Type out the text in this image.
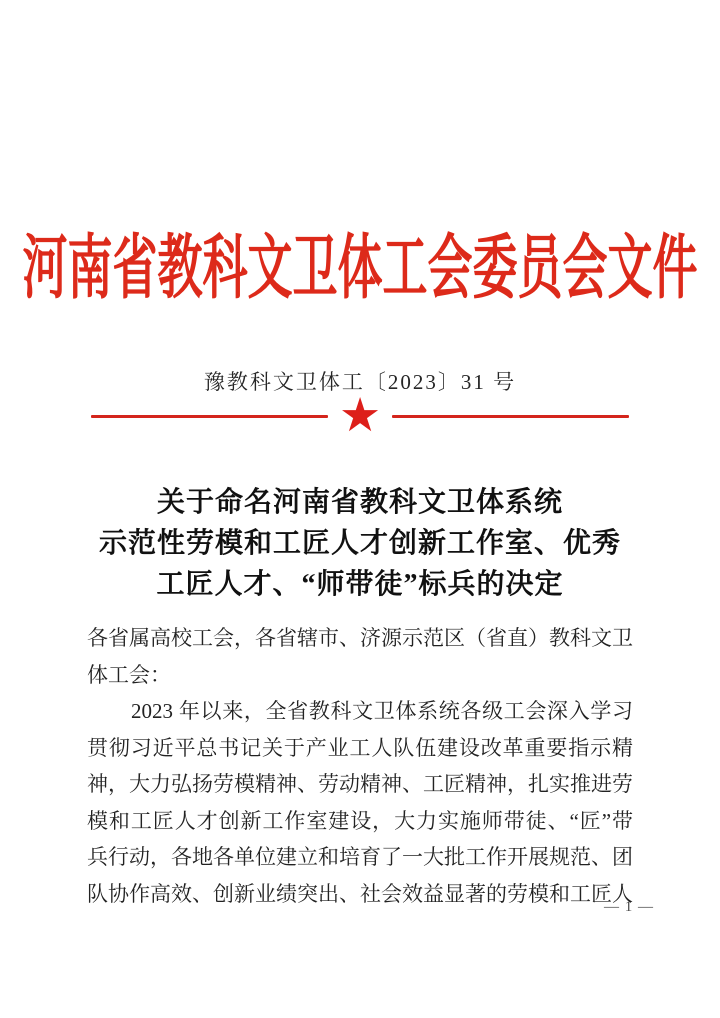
河南省教科文卫体工会委员会文件
豫教科文卫体工〔2023〕31 号
★
关于命名河南省教科文卫体系统
示范性劳模和工匠人才创新工作室、优秀
工匠人才、“师带徒”标兵的决定
各省属高校工会，各省辖市、济源示范区（省直）教科文卫
体工会：
2023 年以来，全省教科文卫体系统各级工会深入学习
贯彻习近平总书记关于产业工人队伍建设改革重要指示精
神，大力弘扬劳模精神、劳动精神、工匠精神，扎实推进劳
模和工匠人才创新工作室建设，大力实施师带徒、“匠”带
兵行动，各地各单位建立和培育了一大批工作开展规范、团
队协作高效、创新业绩突出、社会效益显著的劳模和工匠人
— 1 —
